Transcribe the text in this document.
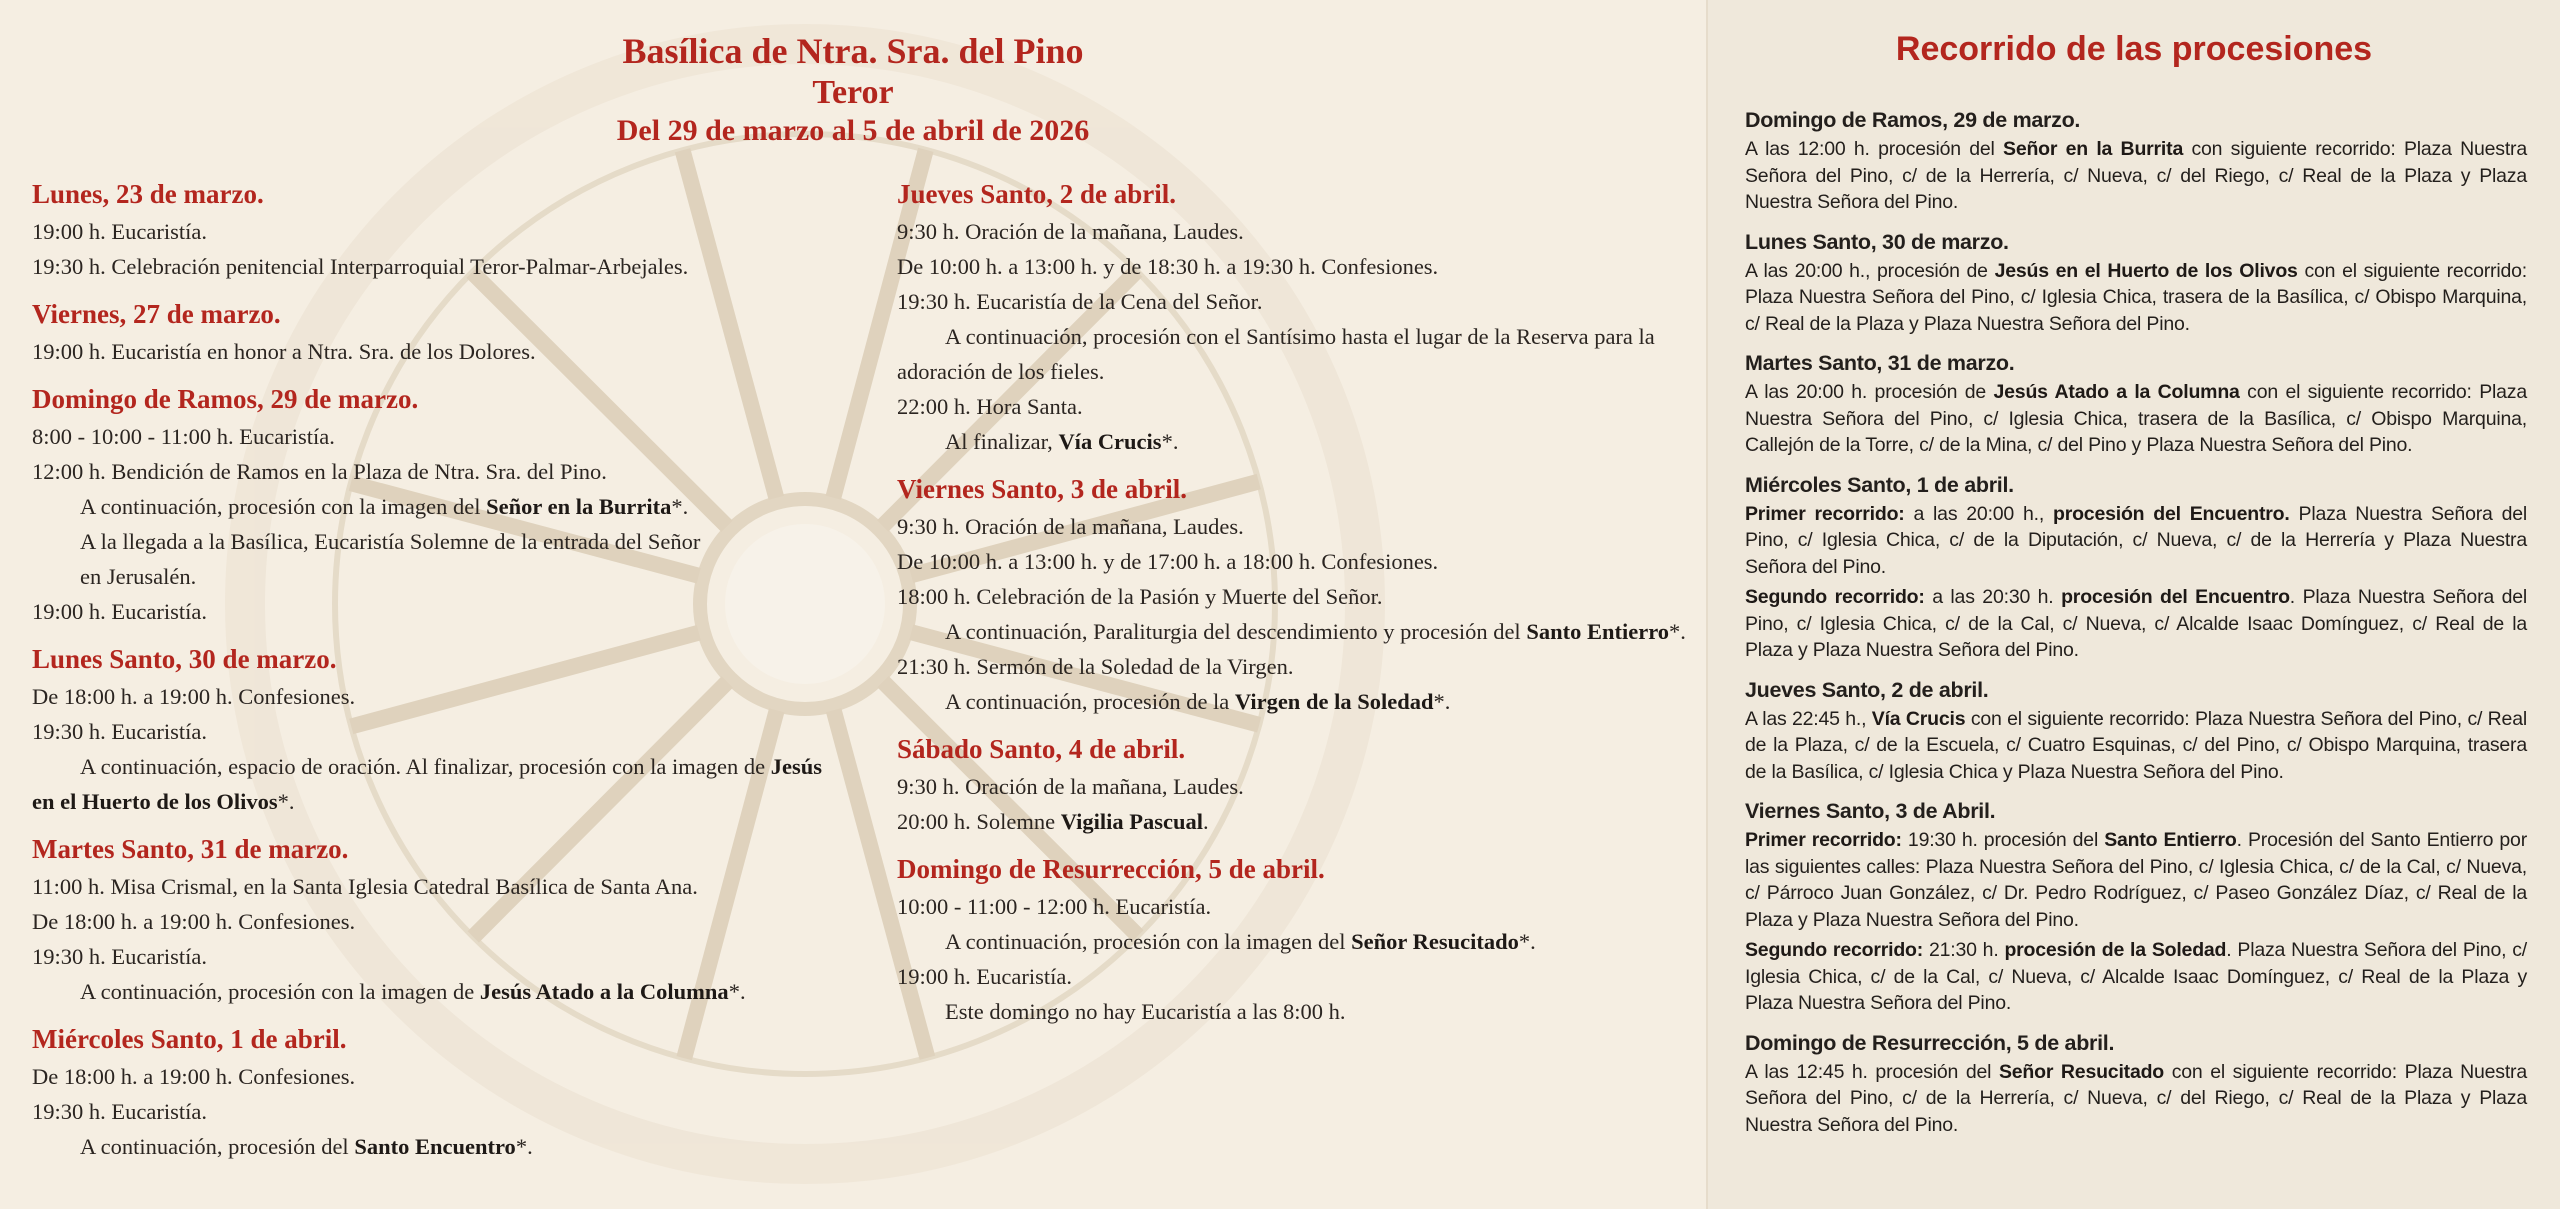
Basílica de Ntra. Sra. del Pino
Teror
Del 29 de marzo al 5 de abril de 2026
Lunes, 23 de marzo.

19:00 h. Eucaristía.

19:30 h. Celebración penitencial Interparroquial Teror-Palmar-Arbejales.

Viernes, 27 de marzo.

19:00 h. Eucaristía en honor a Ntra. Sra. de los Dolores.

Domingo de Ramos, 29 de marzo.

8:00 - 10:00 - 11:00 h. Eucaristía.

12:00 h. Bendición de Ramos en la Plaza de Ntra. Sra. del Pino.

A continuación, procesión con la imagen del Señor en la Burrita*.

A la llegada a la Basílica, Eucaristía Solemne de la entrada del Señor

en Jerusalén.

19:00 h. Eucaristía.

Lunes Santo, 30 de marzo.

De 18:00 h. a 19:00 h. Confesiones.

19:30 h. Eucaristía.

A continuación, espacio de oración. Al finalizar, procesión con la imagen de Jesús en el Huerto de los Olivos*.

Martes Santo, 31 de marzo.

11:00 h. Misa Crismal, en la Santa Iglesia Catedral Basílica de Santa Ana.

De 18:00 h. a 19:00 h. Confesiones.

19:30 h. Eucaristía.

A continuación, procesión con la imagen de Jesús Atado a la Columna*.

Miércoles Santo, 1 de abril.

De 18:00 h. a 19:00 h. Confesiones.

19:30 h. Eucaristía.

A continuación, procesión del Santo Encuentro*.

Jueves Santo, 2 de abril.

9:30 h. Oración de la mañana, Laudes.

De 10:00 h. a 13:00 h. y de 18:30 h. a 19:30 h. Confesiones.

19:30 h. Eucaristía de la Cena del Señor.

A continuación, procesión con el Santísimo hasta el lugar de la Reserva para la adoración de los fieles.

22:00 h. Hora Santa.

Al finalizar, Vía Crucis*.

Viernes Santo, 3 de abril.

9:30 h. Oración de la mañana, Laudes.

De 10:00 h. a 13:00 h. y de 17:00 h. a 18:00 h. Confesiones.

18:00 h. Celebración de la Pasión y Muerte del Señor.

A continuación, Paraliturgia del descendimiento y procesión del Santo Entierro*.

21:30 h. Sermón de la Soledad de la Virgen.

A continuación, procesión de la Virgen de la Soledad*.

Sábado Santo, 4 de abril.

9:30 h. Oración de la mañana, Laudes.

20:00 h. Solemne Vigilia Pascual.

Domingo de Resurrección, 5 de abril.

10:00 - 11:00 - 12:00 h. Eucaristía.

A continuación, procesión con la imagen del Señor Resucitado*.

19:00 h. Eucaristía.

Este domingo no hay Eucaristía a las 8:00 h.

Recorrido de las procesiones
Domingo de Ramos, 29 de marzo.

A las 12:00 h. procesión del Señor en la Burrita con siguiente recorrido: Plaza Nuestra Señora del Pino, c/ de la Herrería, c/ Nueva, c/ del Riego, c/ Real de la Plaza y Plaza Nuestra Señora del Pino.

Lunes Santo, 30 de marzo.

A las 20:00 h., procesión de Jesús en el Huerto de los Olivos con el siguiente recorrido: Plaza Nuestra Señora del Pino, c/ Iglesia Chica, trasera de la Basílica, c/ Obispo Marquina, c/ Real de la Plaza y Plaza Nuestra Señora del Pino.

Martes Santo, 31 de marzo.

A las 20:00 h. procesión de Jesús Atado a la Columna con el siguiente recorrido: Plaza Nuestra Señora del Pino, c/ Iglesia Chica, trasera de la Basílica, c/ Obispo Marquina, Callejón de la Torre, c/ de la Mina, c/ del Pino y Plaza Nuestra Señora del Pino.

Miércoles Santo, 1 de abril.

Primer recorrido: a las 20:00 h., procesión del Encuentro. Plaza Nuestra Señora del Pino, c/ Iglesia Chica, c/ de la Diputación, c/ Nueva, c/ de la Herrería y Plaza Nuestra Señora del Pino.

Segundo recorrido: a las 20:30 h. procesión del Encuentro. Plaza Nuestra Señora del Pino, c/ Iglesia Chica, c/ de la Cal, c/ Nueva, c/ Alcalde Isaac Domínguez, c/ Real de la Plaza y Plaza Nuestra Señora del Pino.

Jueves Santo, 2 de abril.

A las 22:45 h., Vía Crucis con el siguiente recorrido: Plaza Nuestra Señora del Pino, c/ Real de la Plaza, c/ de la Escuela, c/ Cuatro Esquinas, c/ del Pino, c/ Obispo Marquina, trasera de la Basílica, c/ Iglesia Chica y Plaza Nuestra Señora del Pino.

Viernes Santo, 3 de Abril.

Primer recorrido: 19:30 h. procesión del Santo Entierro. Procesión del Santo Entierro por las siguientes calles: Plaza Nuestra Señora del Pino, c/ Iglesia Chica, c/ de la Cal, c/ Nueva, c/ Párroco Juan González, c/ Dr. Pedro Rodríguez, c/ Paseo González Díaz, c/ Real de la Plaza y Plaza Nuestra Señora del Pino.

Segundo recorrido: 21:30 h. procesión de la Soledad. Plaza Nuestra Señora del Pino, c/ Iglesia Chica, c/ de la Cal, c/ Nueva, c/ Alcalde Isaac Domínguez, c/ Real de la Plaza y Plaza Nuestra Señora del Pino.

Domingo de Resurrección, 5 de abril.

A las 12:45 h. procesión del Señor Resucitado con el siguiente recorrido: Plaza Nuestra Señora del Pino, c/ de la Herrería, c/ Nueva, c/ del Riego, c/ Real de la Plaza y Plaza Nuestra Señora del Pino.
